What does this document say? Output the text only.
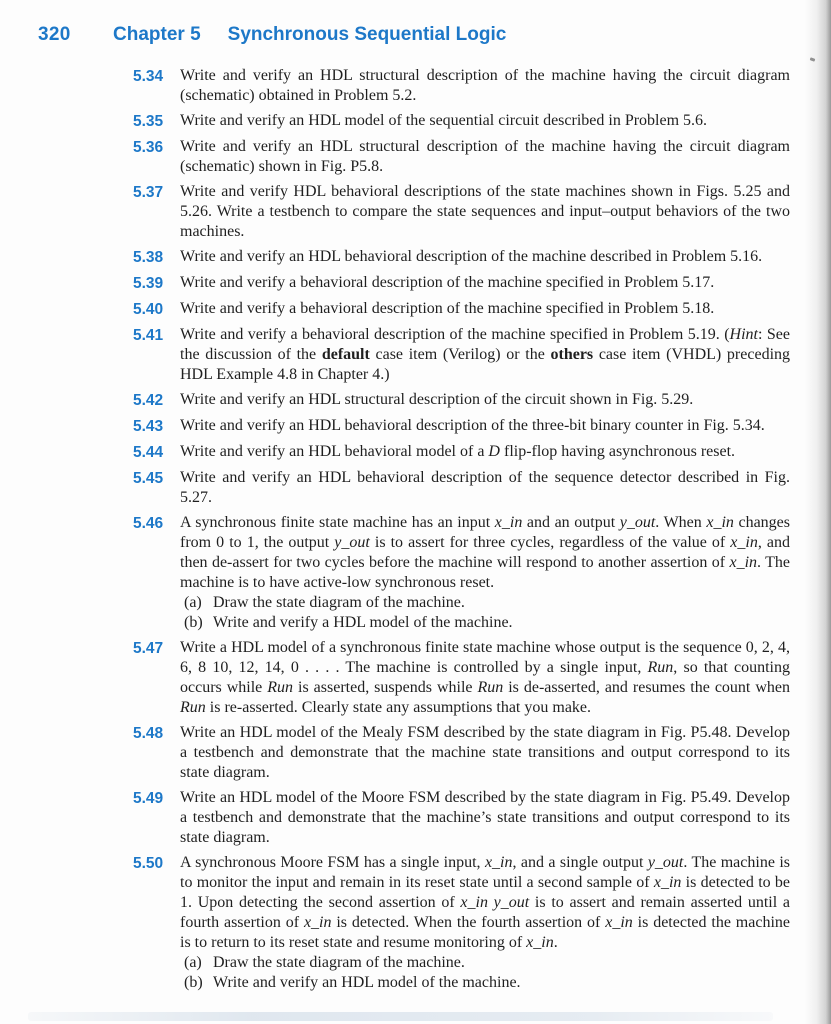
320 Chapter 5 Synchronous Sequential Logic
5.34	Write and verify an HDL structural description of the machine having the circuit diagram (schematic) obtained in Problem 5.2.

5.35	Write and verify an HDL model of the sequential circuit described in Problem 5.6.

5.36	Write and verify an HDL structural description of the machine having the circuit diagram (schematic) shown in Fig. P5.8.

5.37	Write and verify HDL behavioral descriptions of the state machines shown in Figs. 5.25 and 5.26. Write a testbench to compare the state sequences and input–output behaviors of the two machines.

5.38	Write and verify an HDL behavioral description of the machine described in Problem 5.16.

5.39	Write and verify a behavioral description of the machine specified in Problem 5.17.

5.40	Write and verify a behavioral description of the machine specified in Problem 5.18.

5.41	Write and verify a behavioral description of the machine specified in Problem 5.19. (Hint: See the discussion of the default case item (Verilog) or the others case item (VHDL) preceding HDL Example 4.8 in Chapter 4.)

5.42	Write and verify an HDL structural description of the circuit shown in Fig. 5.29.

5.43	Write and verify an HDL behavioral description of the three-bit binary counter in Fig. 5.34.

5.44	Write and verify an HDL behavioral model of a D flip-flop having asynchronous reset.

5.45	Write and verify an HDL behavioral description of the sequence detector described in Fig. 5.27.

5.46	A synchronous finite state machine has an input x_in and an output y_out. When x_in changes from 0 to 1, the output y_out is to assert for three cycles, regardless of the value of x_in, and then de-assert for two cycles before the machine will respond to another assertion of x_in. The machine is to have active-low synchronous reset.

(a) Draw the state diagram of the machine.
(b) Write and verify a HDL model of the machine.
5.47	Write a HDL model of a synchronous finite state machine whose output is the sequence 0, 2, 4, 6, 8 10, 12, 14, 0 . . . . The machine is controlled by a single input, Run, so that counting occurs while Run is asserted, suspends while Run is de-asserted, and resumes the count when Run is re-asserted. Clearly state any assumptions that you make.

5.48	Write an HDL model of the Mealy FSM described by the state diagram in Fig. P5.48. Develop a testbench and demonstrate that the machine state transitions and output correspond to its state diagram.

5.49	Write an HDL model of the Moore FSM described by the state diagram in Fig. P5.49. Develop a testbench and demonstrate that the machine’s state transitions and output correspond to its state diagram.

5.50	A synchronous Moore FSM has a single input, x_in, and a single output y_out. The machine is to monitor the input and remain in its reset state until a second sample of x_in is detected to be 1. Upon detecting the second assertion of x_in y_out is to assert and remain asserted until a fourth assertion of x_in is detected. When the fourth assertion of x_in is detected the machine is to return to its reset state and resume monitoring of x_in.

(a) Draw the state diagram of the machine.
(b) Write and verify an HDL model of the machine.
